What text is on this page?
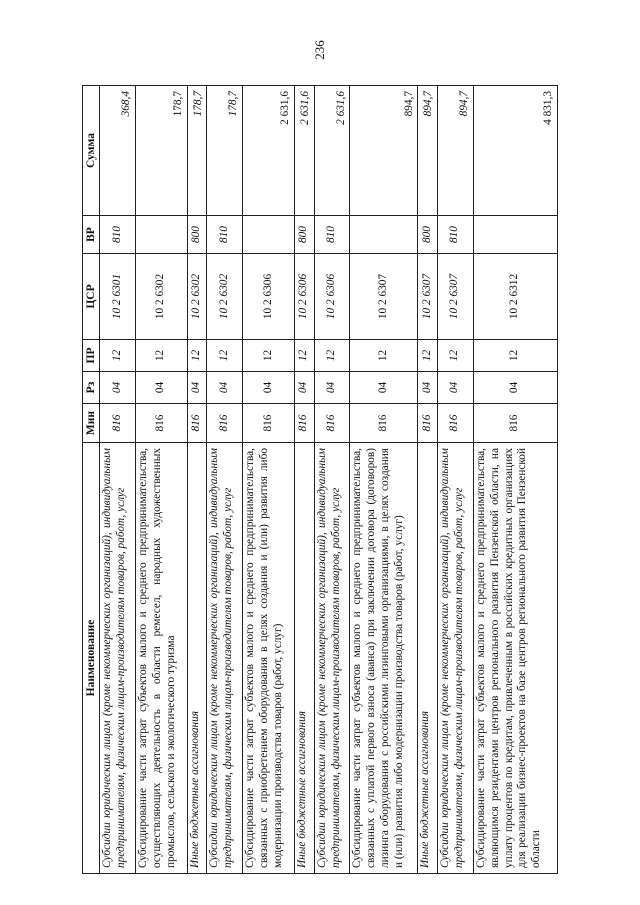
236
Наименование	Мин	Рз	ПР	ЦСР	ВР	Сумма
Субсидии юридическим лицам (кроме некоммерческих организаций), индивидуальным предпринимателям, физическим лицам-производителям товаров, работ, услуг	816	04	12	10 2 6301	810	368,4
Субсидирование части затрат субъектов малого и среднего предпринимательства, осуществляющих деятельность в области ремесел, народных художественных промыслов, сельского и экологического туризма	816	04	12	10 2 6302		178,7
Иные бюджетные ассигнования	816	04	12	10 2 6302	800	178,7
Субсидии юридическим лицам (кроме некоммерческих организаций), индивидуальным предпринимателям, физическим лицам-производителям товаров, работ, услуг	816	04	12	10 2 6302	810	178,7
Субсидирование части затрат субъектов малого и среднего предпринимательства, связанных с приобретением оборудования в целях создания и (или) развития либо модернизации производства товаров (работ, услуг)	816	04	12	10 2 6306		2 631,6
Иные бюджетные ассигнования	816	04	12	10 2 6306	800	2 631,6
Субсидии юридическим лицам (кроме некоммерческих организаций), индивидуальным предпринимателям, физическим лицам-производителям товаров, работ, услуг	816	04	12	10 2 6306	810	2 631,6
Субсидирование части затрат субъектов малого и среднего предпринимательства, связанных с уплатой первого взноса (аванса) при заключении договора (договоров) лизинга оборудования с российскими лизинговыми организациями, в целях создания и (или) развития либо модернизации производства товаров (работ, услуг)	816	04	12	10 2 6307		894,7
Иные бюджетные ассигнования	816	04	12	10 2 6307	800	894,7
Субсидии юридическим лицам (кроме некоммерческих организаций), индивидуальным предпринимателям, физическим лицам-производителям товаров, работ, услуг	816	04	12	10 2 6307	810	894,7
Субсидирование части затрат субъектов малого и среднего предпринимательства, являющимся резидентами центров регионального развития Пензенской области, на уплату процентов по кредитам, привлеченным в российских кредитных организациях для реализации бизнес-проектов на базе центров регионального развития Пензенской области	816	04	12	10 2 6312		4 831,3
